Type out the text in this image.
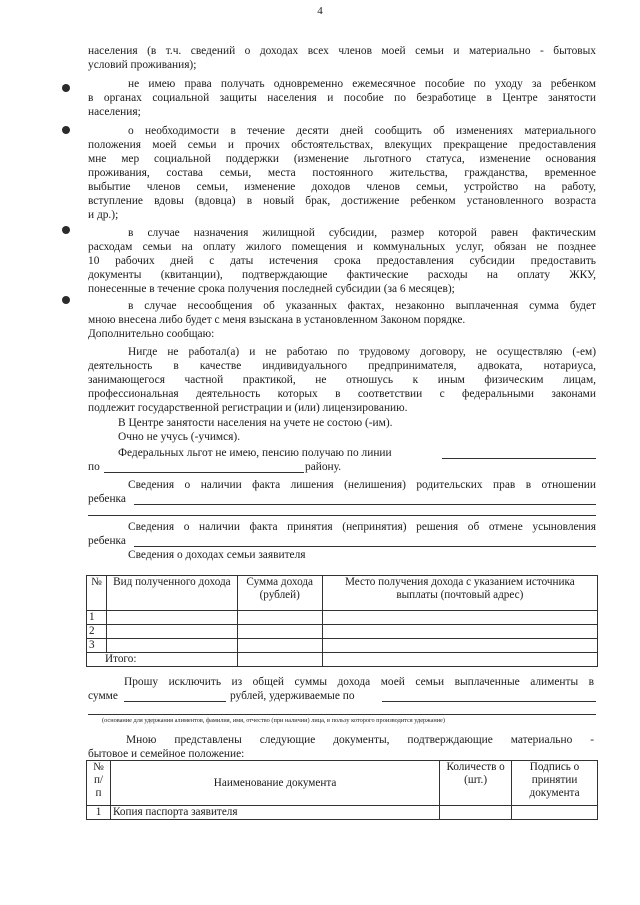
4
населения (в т.ч. сведений о доходах всех членов моей семьи и материально - бытовых
условий проживания);
не имею права получать одновременно ежемесячное пособие по уходу за ребенком
в органах социальной защиты населения и пособие по безработице в Центре занятости
населения;
о необходимости в течение десяти дней сообщить об изменениях материального
положения моей семьи и прочих обстоятельствах, влекущих прекращение предоставления
мне мер социальной поддержки (изменение льготного статуса, изменение основания
проживания, состава семьи, места постоянного жительства, гражданства, временное
выбытие членов семьи, изменение доходов членов семьи, устройство на работу,
вступление вдовы (вдовца) в новый брак, достижение ребенком установленного возраста
и др.);
в случае назначения жилищной субсидии, размер которой равен фактическим
расходам семьи на оплату жилого помещения и коммунальных услуг, обязан не позднее
10 рабочих дней с даты истечения срока предоставления субсидии предоставить
документы (квитанции), подтверждающие фактические расходы на оплату ЖКУ,
понесенные в течение срока получения последней субсидии (за 6 месяцев);
в случае несообщения об указанных фактах, незаконно выплаченная сумма будет
мною внесена либо будет с меня взыскана в установленном Законом порядке.
Дополнительно сообщаю:
Нигде не работал(а) и не работаю по трудовому договору, не осуществляю (-ем)
деятельность в качестве индивидуального предпринимателя, адвоката, нотариуса,
занимающегося частной практикой, не отношусь к иным физическим лицам,
профессиональная деятельность которых в соответствии с федеральными законами
подлежит государственной регистрации и (или) лицензированию.
В Центре занятости населения на учете не состою (-им).
Очно не учусь (-учимся).
Федеральных льгот не имею, пенсию получаю по линии
по	району.
Сведения о наличии факта лишения (нелишения) родительских прав в отношении
ребенка
Сведения о наличии факта принятия (непринятия) решения об отмене усыновления
ребенка
Сведения о доходах семьи заявителя
№	Вид полученного дохода	Сумма дохода (рублей)	Место получения дохода с указанием источника выплаты (почтовый адрес)
1			
2			
3			
Итого:			
Прошу исключить из общей суммы дохода моей семьи выплаченные алименты в
сумме	рублей, удерживаемые по
(основание для удержания алиментов, фамилия, имя, отчество (при наличии) лица, в пользу которого производится удержание)
Мною представлены следующие документы, подтверждающие материально -
бытовое и семейное положение:
№ п/ п	Наименование документа	Количеств о (шт.)	Подпись о принятии документа
1	Копия паспорта заявителя		
